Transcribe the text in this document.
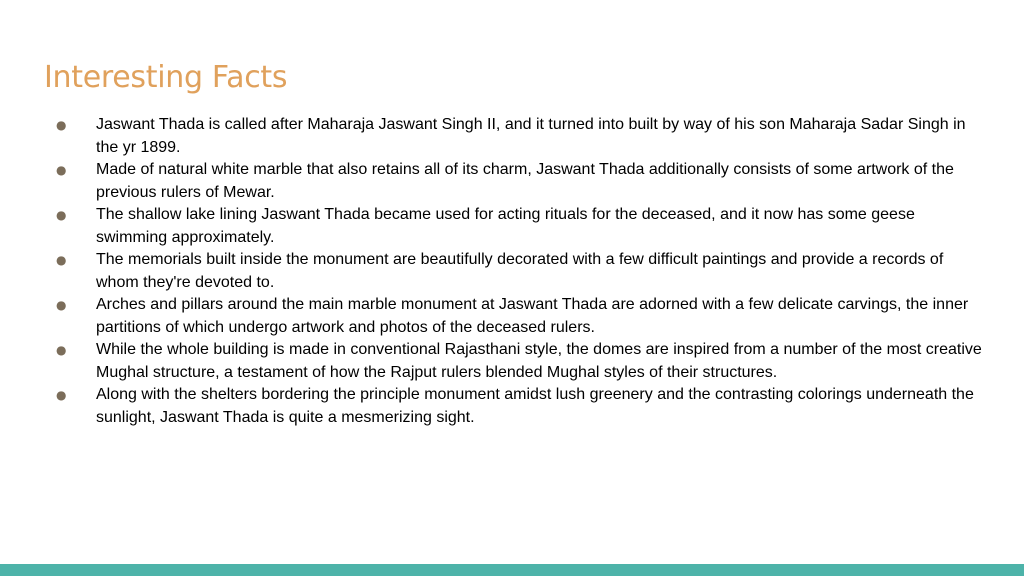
Interesting Facts
● Jaswant Thada is called after Maharaja Jaswant Singh II, and it turned into built by way of his son Maharaja Sadar Singh in the yr 1899.
● Made of natural white marble that also retains all of its charm, Jaswant Thada additionally consists of some artwork of the previous rulers of Mewar.
● The shallow lake lining Jaswant Thada became used for acting rituals for the deceased, and it now has some geese swimming approximately.
● The memorials built inside the monument are beautifully decorated with a few difficult paintings and provide a records of whom they're devoted to.
● Arches and pillars around the main marble monument at Jaswant Thada are adorned with a few delicate carvings, the inner partitions of which undergo artwork and photos of the deceased rulers.
● While the whole building is made in conventional Rajasthani style, the domes are inspired from a number of the most creative Mughal structure, a testament of how the Rajput rulers blended Mughal styles of their structures.
● Along with the shelters bordering the principle monument amidst lush greenery and the contrasting colorings underneath the sunlight, Jaswant Thada is quite a mesmerizing sight.
